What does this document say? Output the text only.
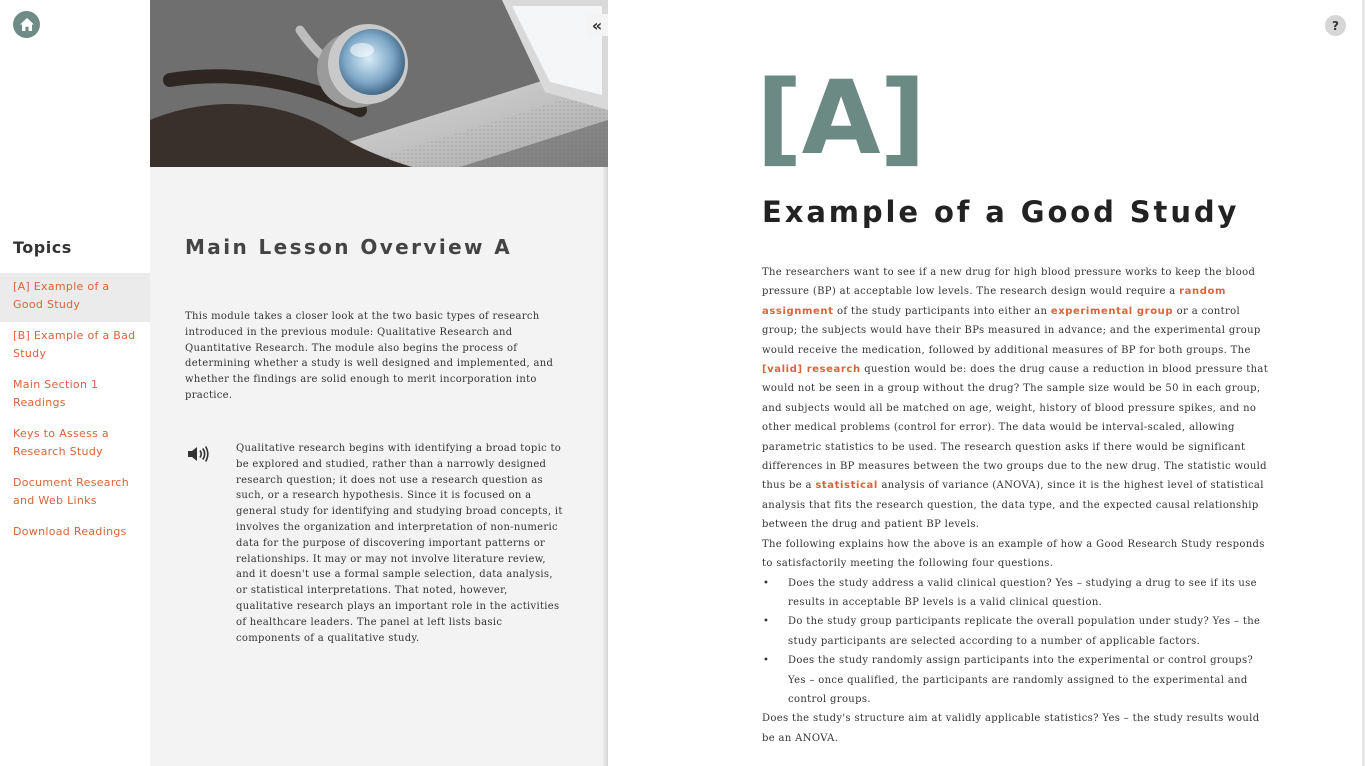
Topics
[A] Example of a Good Study
[B] Example of a Bad Study
Main Section 1 Readings
Keys to Assess a Research Study
Document Research and Web Links
Download Readings
«
Main Lesson Overview A

This module takes a closer look at the two basic types of research introduced in the previous module: Qualitative Research and Quantitative Research. The module also begins the process of determining whether a study is well designed and implemented, and whether the findings are solid enough to merit incorporation into practice.

Qualitative research begins with identifying a broad topic to be explored and studied, rather than a narrowly designed research question; it does not use a research question as such, or a research hypothesis. Since it is focused on a general study for identifying and studying broad concepts, it involves the organization and interpretation of non-numeric data for the purpose of discovering important patterns or relationships. It may or may not involve literature review, and it doesn't use a formal sample selection, data analysis, or statistical interpretations. That noted, however, qualitative research plays an important role in the activities of healthcare leaders. The panel at left lists basic components of a qualitative study.

?
[A]
Example of a Good Study

The researchers want to see if a new drug for high blood pressure works to keep the blood pressure (BP) at acceptable low levels. The research design would require a random assignment of the study participants into either an experimental group or a control group; the subjects would have their BPs measured in advance; and the experimental group would receive the medication, followed by additional measures of BP for both groups. The [valid] research question would be: does the drug cause a reduction in blood pressure that would not be seen in a group without the drug? The sample size would be 50 in each group, and subjects would all be matched on age, weight, history of blood pressure spikes, and no other medical problems (control for error). The data would be interval-scaled, allowing parametric statistics to be used. The research question asks if there would be significant differences in BP measures between the two groups due to the new drug. The statistic would thus be a statistical analysis of variance (ANOVA), since it is the highest level of statistical analysis that fits the research question, the data type, and the expected causal relationship between the drug and patient BP levels.

The following explains how the above is an example of how a Good Research Study responds to satisfactorily meeting the following four questions.

• Does the study address a valid clinical question? Yes – studying a drug to see if its use results in acceptable BP levels is a valid clinical question.
• Do the study group participants replicate the overall population under study? Yes – the study participants are selected according to a number of applicable factors.
• Does the study randomly assign participants into the experimental or control groups? Yes – once qualified, the participants are randomly assigned to the experimental and control groups.

Does the study's structure aim at validly applicable statistics? Yes – the study results would be an ANOVA.
